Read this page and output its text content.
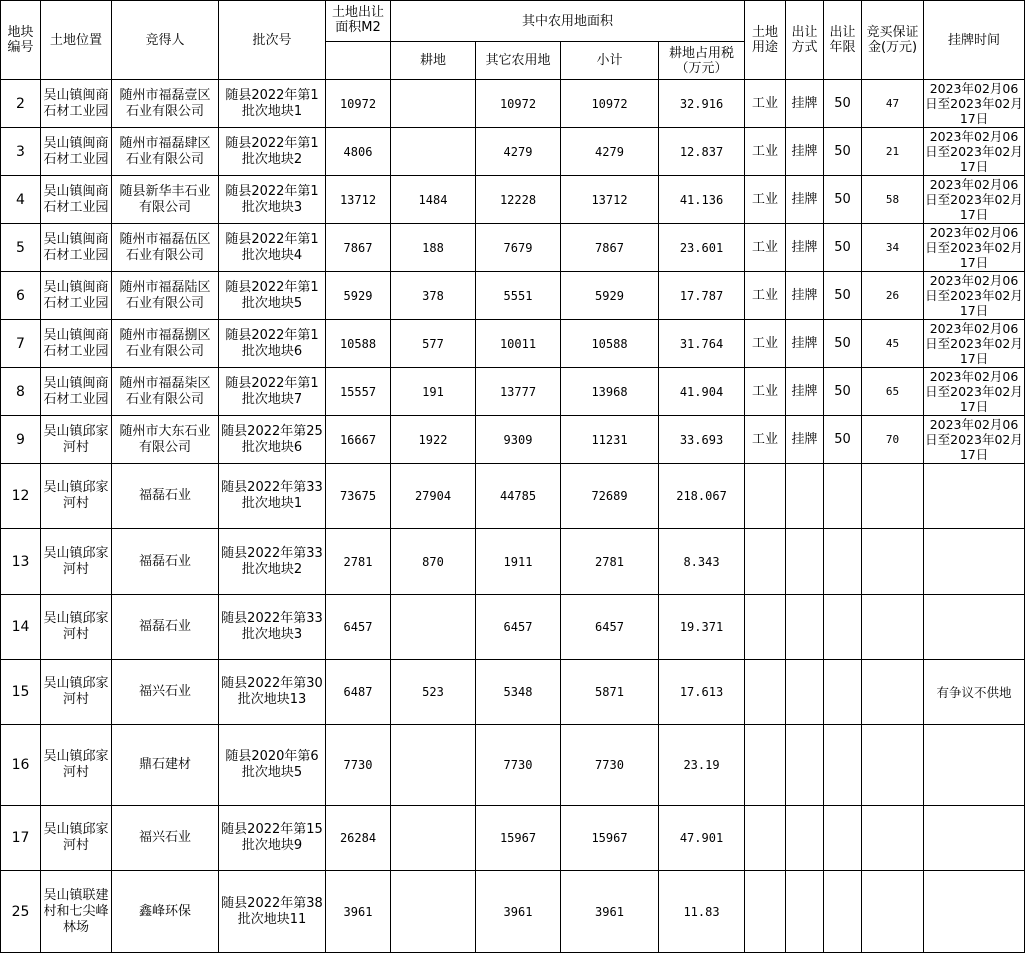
地块编号	土地位置	竞得人	批次号	土地出让面积M2	其中农用地面积				土地用途	出让方式	出让年限	竞买保证金(万元)	挂牌时间
					耕地	其它农用地	小计	耕地占用税（万元）					
2	吴山镇闽商石材工业园	随州市福磊壹区石业有限公司	随县2022年第1批次地块1	10972		10972	10972	32.916	工业	挂牌	50	47	2023年02月06日至2023年02月17日
3	吴山镇闽商石材工业园	随州市福磊肆区石业有限公司	随县2022年第1批次地块2	4806		4279	4279	12.837	工业	挂牌	50	21	2023年02月06日至2023年02月17日
4	吴山镇闽商石材工业园	随县新华丰石业有限公司	随县2022年第1批次地块3	13712	1484	12228	13712	41.136	工业	挂牌	50	58	2023年02月06日至2023年02月17日
5	吴山镇闽商石材工业园	随州市福磊伍区石业有限公司	随县2022年第1批次地块4	7867	188	7679	7867	23.601	工业	挂牌	50	34	2023年02月06日至2023年02月17日
6	吴山镇闽商石材工业园	随州市福磊陆区石业有限公司	随县2022年第1批次地块5	5929	378	5551	5929	17.787	工业	挂牌	50	26	2023年02月06日至2023年02月17日
7	吴山镇闽商石材工业园	随州市福磊捌区石业有限公司	随县2022年第1批次地块6	10588	577	10011	10588	31.764	工业	挂牌	50	45	2023年02月06日至2023年02月17日
8	吴山镇闽商石材工业园	随州市福磊柒区石业有限公司	随县2022年第1批次地块7	15557	191	13777	13968	41.904	工业	挂牌	50	65	2023年02月06日至2023年02月17日
9	吴山镇邱家河村	随州市大东石业有限公司	随县2022年第25批次地块6	16667	1922	9309	11231	33.693	工业	挂牌	50	70	2023年02月06日至2023年02月17日
12	吴山镇邱家河村	福磊石业	随县2022年第33批次地块1	73675	27904	44785	72689	218.067					
13	吴山镇邱家河村	福磊石业	随县2022年第33批次地块2	2781	870	1911	2781	8.343					
14	吴山镇邱家河村	福磊石业	随县2022年第33批次地块3	6457		6457	6457	19.371					
15	吴山镇邱家河村	福兴石业	随县2022年第30批次地块13	6487	523	5348	5871	17.613					有争议不供地
16	吴山镇邱家河村	鼎石建材	随县2020年第6批次地块5	7730		7730	7730	23.19					
17	吴山镇邱家河村	福兴石业	随县2022年第15批次地块9	26284		15967	15967	47.901					
25	吴山镇联建村和七尖峰林场	鑫峰环保	随县2022年第38批次地块11	3961		3961	3961	11.83					
